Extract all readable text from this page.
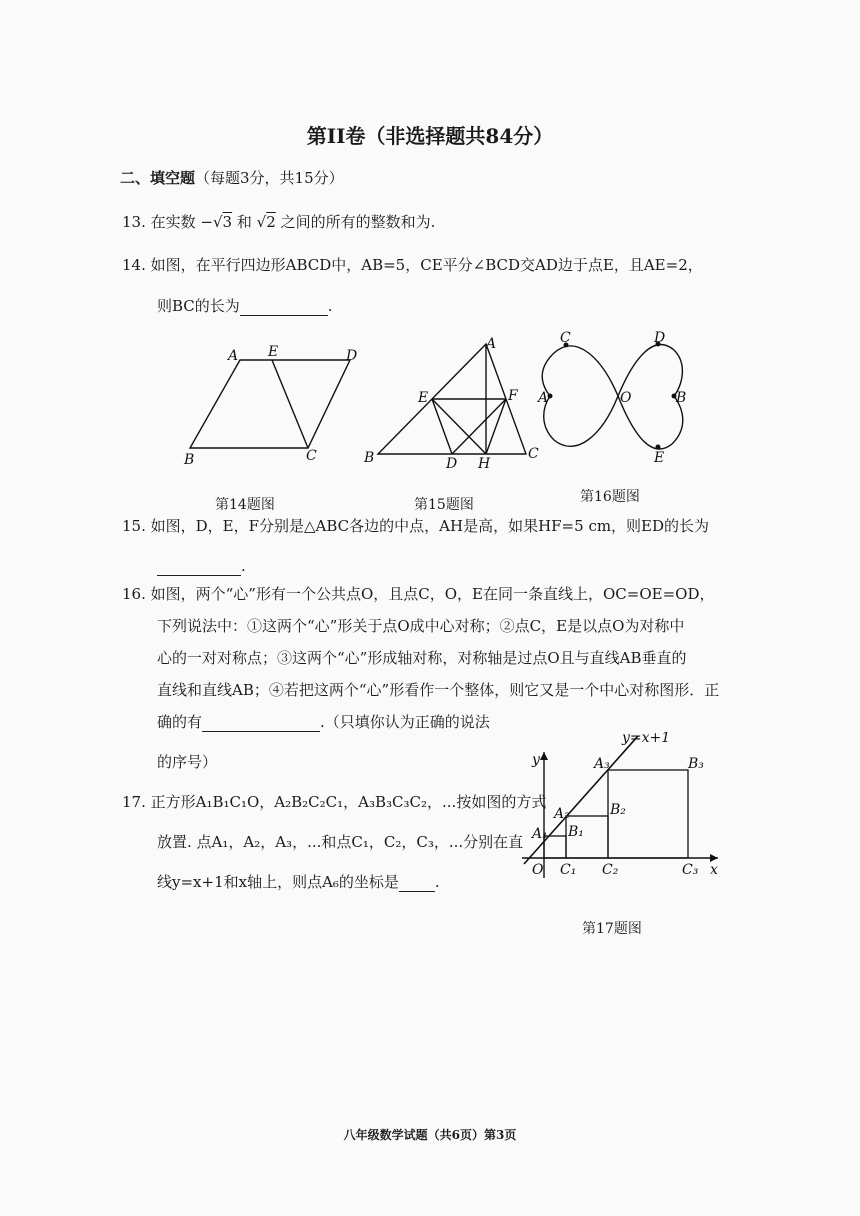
第II卷（非选择题共84分）
二、填空题（每题3分，共15分）
13. 在实数 −√3 和 √2 之间的所有的整数和为.
14. 如图，在平行四边形ABCD中，AB=5，CE平分∠BCD交AD边于点E，且AE=2，
则BC的长为	.
A E	D
B	C
第14题图
A
E	F
B	D H
C
第15题图
C	D
A	O	B
E
第16题图
15. 如图，D，E，F分别是△ABC各边的中点，AH是高，如果HF=5 cm，则ED的长为
.
16. 如图，两个“心”形有一个公共点O，且点C，O，E在同一条直线上，OC=OE=OD，
下列说法中：①这两个“心”形关于点O成中心对称；②点C，E是以点O为对称中
心的一对对称点；③这两个“心”形成轴对称，对称轴是过点O且与直线AB垂直的
直线和直线AB；④若把这两个“心”形看作一个整体，则它又是一个中心对称图形．正
确的有	.（只填你认为正确的说法
的序号）
17. 正方形A₁B₁C₁O，A₂B₂C₂C₁，A₃B₃C₃C₂，...按如图的方式
放置. 点A₁，A₂，A₃，...和点C₁，C₂，C₃，...分别在直
线y=x+1和x轴上，则点A₆的坐标是 .
y=x+1
y
x
O
A₁
A₂
A₃
B₁
B₂
B₃
C₁ C₂	C₃
第17题图
八年级数学试题（共6页）第3页
